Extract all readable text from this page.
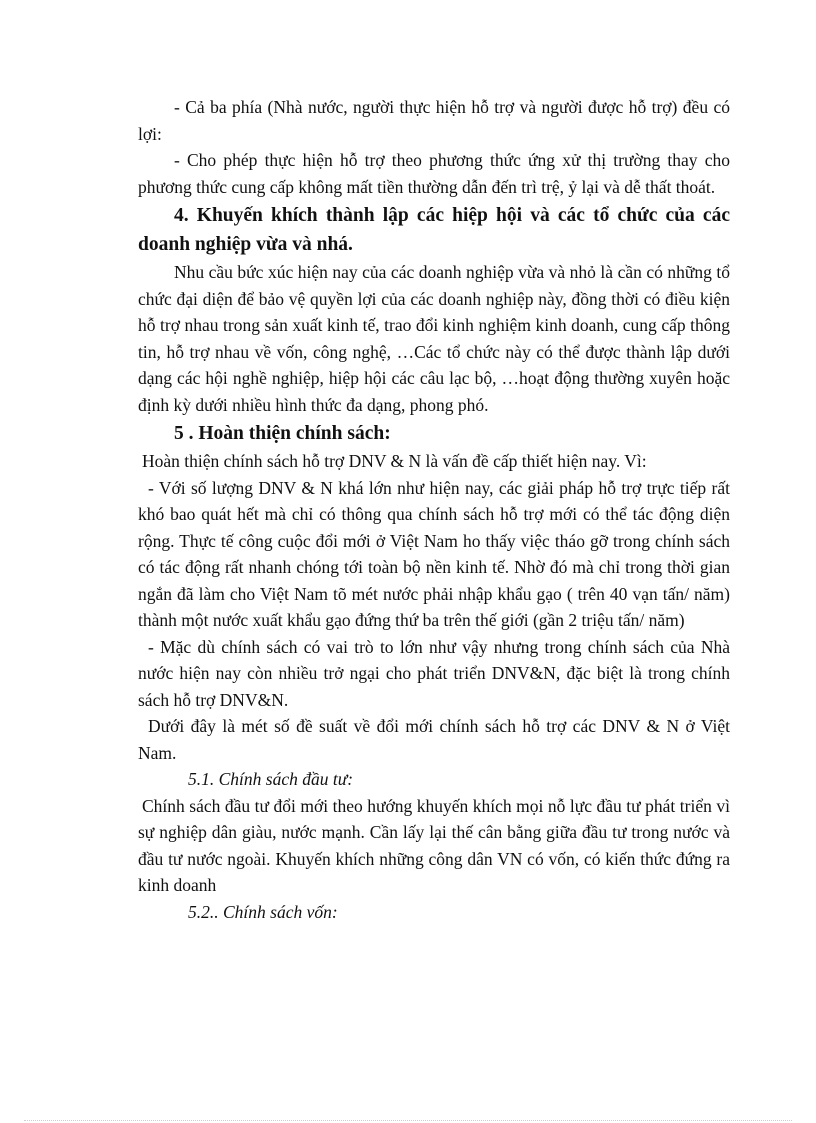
- Cả ba phía (Nhà nước, người thực hiện hỗ trợ và người được hỗ trợ) đều có lợi:

- Cho phép thực hiện hỗ trợ theo phương thức ứng xử thị trường thay cho phương thức cung cấp không mất tiền thường dẫn đến trì trệ, ỷ lại và dễ thất thoát.

4. Khuyến khích thành lập các hiệp hội và các tổ chức của các doanh nghiệp vừa và nhá.

Nhu cầu bức xúc hiện nay của các doanh nghiệp vừa và nhỏ là cần có những tổ chức đại diện để bảo vệ quyền lợi của các doanh nghiệp này, đồng thời có điều kiện hỗ trợ nhau trong sản xuất kinh tế, trao đổi kinh nghiệm kinh doanh, cung cấp thông tin, hỗ trợ nhau về vốn, công nghệ, …Các tổ chức này có thể được thành lập dưới dạng các hội nghề nghiệp, hiệp hội các câu lạc bộ, …hoạt động thường xuyên hoặc định kỳ dưới nhiều hình thức đa dạng, phong phó.

5 . Hoàn thiện chính sách:

Hoàn thiện chính sách hỗ trợ DNV & N là vấn đề cấp thiết hiện nay. Vì:

- Với số lượng DNV & N khá lớn như hiện nay, các giải pháp hỗ trợ trực tiếp rất khó bao quát hết mà chỉ có thông qua chính sách hỗ trợ mới có thể tác động diện rộng. Thực tế công cuộc đổi mới ở Việt Nam ho thấy việc tháo gỡ trong chính sách có tác động rất nhanh chóng tới toàn bộ nền kinh tế. Nhờ đó mà chỉ trong thời gian ngắn đã làm cho Việt Nam tõ mét nước phải nhập khẩu gạo ( trên 40 vạn tấn/ năm) thành một nước xuất khẩu gạo đứng thứ ba trên thế giới (gần 2 triệu tấn/ năm)

- Mặc dù chính sách có vai trò to lớn như vậy nhưng trong chính sách của Nhà nước hiện nay còn nhiều trở ngại cho phát triển DNV&N, đặc biệt là trong chính sách hỗ trợ DNV&N.

Dưới đây là mét số đề suất về đổi mới chính sách hỗ trợ các DNV & N ở Việt Nam.

5.1. Chính sách đầu tư:

Chính sách đầu tư đổi mới theo hướng khuyến khích mọi nỗ lực đầu tư phát triển vì sự nghiệp dân giàu, nước mạnh. Cần lấy lại thế cân bằng giữa đầu tư trong nước và đầu tư nước ngoài. Khuyến khích những công dân VN có vốn, có kiến thức đứng ra kinh doanh

5.2.. Chính sách vốn:
